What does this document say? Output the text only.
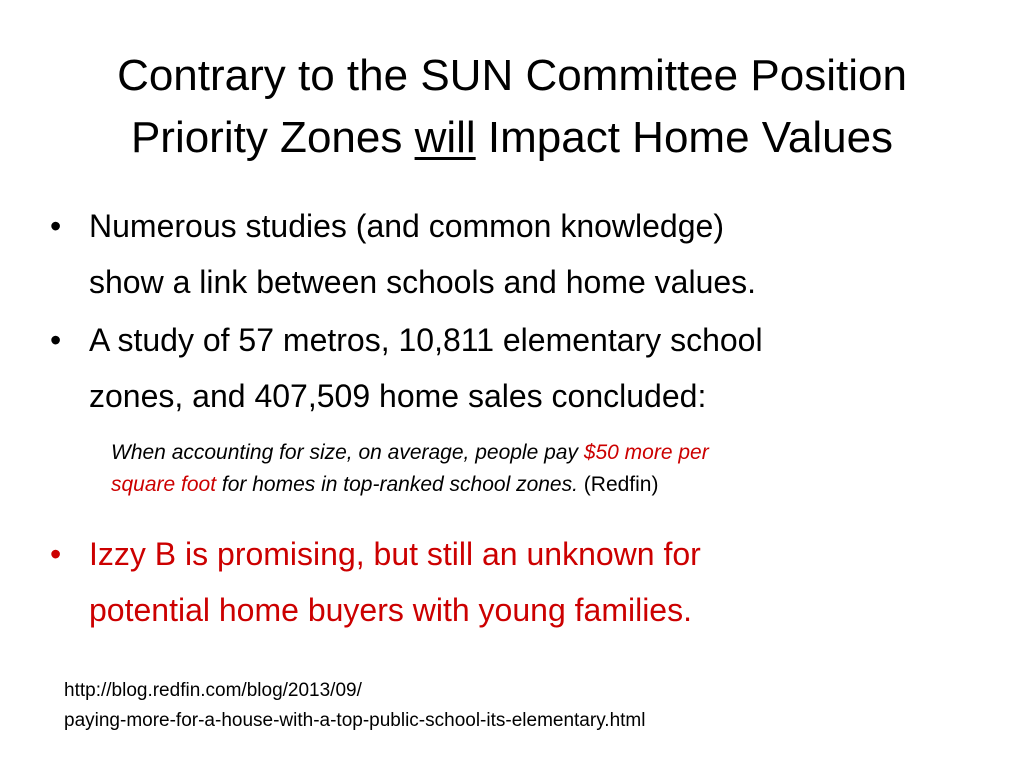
Contrary to the SUN Committee Position
Priority Zones will Impact Home Values
• Numerous studies (and common knowledge)
show a link between schools and home values.
• A study of 57 metros, 10,811 elementary school
zones, and 407,509 home sales concluded:
When accounting for size, on average, people pay $50 more per
square foot for homes in top-ranked school zones. (Redfin)
• Izzy B is promising, but still an unknown for
potential home buyers with young families.
http://blog.redfin.com/blog/2013/09/
paying-more-for-a-house-with-a-top-public-school-its-elementary.html
